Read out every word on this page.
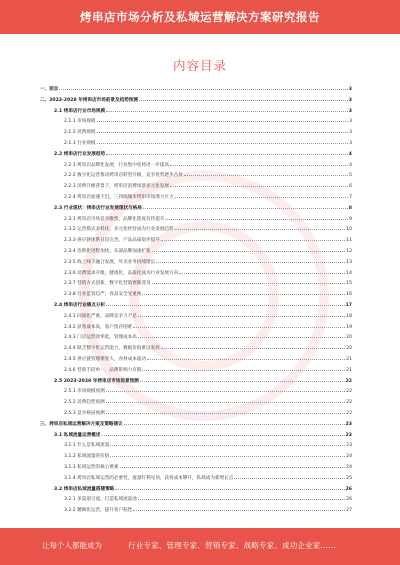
烤串店市场分析及私域运营解决方案研究报告
内容目录
一、前言	3
二、2023-2028 年烤串店市场前景及趋势预测	3
2.1 烤串店行业市场规模	3
2.1.1 市场规模	3
2.1.2 消费规模	3
2.1.3 行业规模	3
2.2 烤串店行业发展趋势	4
2.2.1 烤串店品牌化发展，行业集中度将进一步提高	4
2.2.2 数字化运营推动烤串店转型升级，竞争优势逐步凸显	5
2.2.3 消费升级背景下，烤串店消费场景多元化发展	6
2.2.4 烤串店加速下沉，三四线城市烤串市场潜力巨大	7
2.3 行业现状：烤串店行业发展现状与格局	8
2.3.1 烤串店市场竞争激烈，品牌化程度有待提升	9
2.3.2 运营模式多样化，多元化经营成为行业发展趋势	10
2.3.3 供应链体系日趋完善，产品品质稳步提升	11
2.3.4 连锁化进程加快，头部品牌加速扩张	12
2.3.5 线上线下融合发展，外卖业务持续增长	13
2.3.6 消费需求升级，健康化、品质化成为行业发展方向	14
2.3.7 营销方式创新，数字化营销逐渐普及	15
2.3.8 行业监管趋严，食品安全受重视	16
2.4 烤串店行业痛点分析	17
2.4.1 同质化严重，品牌竞争力不足	18
2.4.2 获客成本高，客户留存困难	19
2.4.3 门店运营效率低，管理成本高	20
2.4.4 缺乏数字化运营能力，数据价值难以发挥	20
2.4.5 供应链管理难度大，食材成本波动	21
2.4.6 营销手段单一，品牌影响力有限	21
2.5 2023-2028 年烤串店市场前景预测	22
2.5.1 市场规模预测	22
2.5.2 消费趋势预测	22
2.5.3 竞争格局预测	22
三、烤串店私域运营解决方案及策略建议	23
3.1 私域流量运营概述	23
3.1.1 什么是私域流量	23
3.1.2 私域流量的价值	24
3.1.3 私域运营的核心要素	24
3.1.4 烤串店私域运营的必要性，流量红利见顶，获客成本攀升，私域成为新增长点	25
3.2 烤串店私域流量搭建策略	26
3.2.1 多渠道引流，打造私域流量池	26
3.2.2 精细化运营，提升客户粘性	27
让每个人都能成为	行业专家、管理专家、营销专家、战略专家、成功企业家……
